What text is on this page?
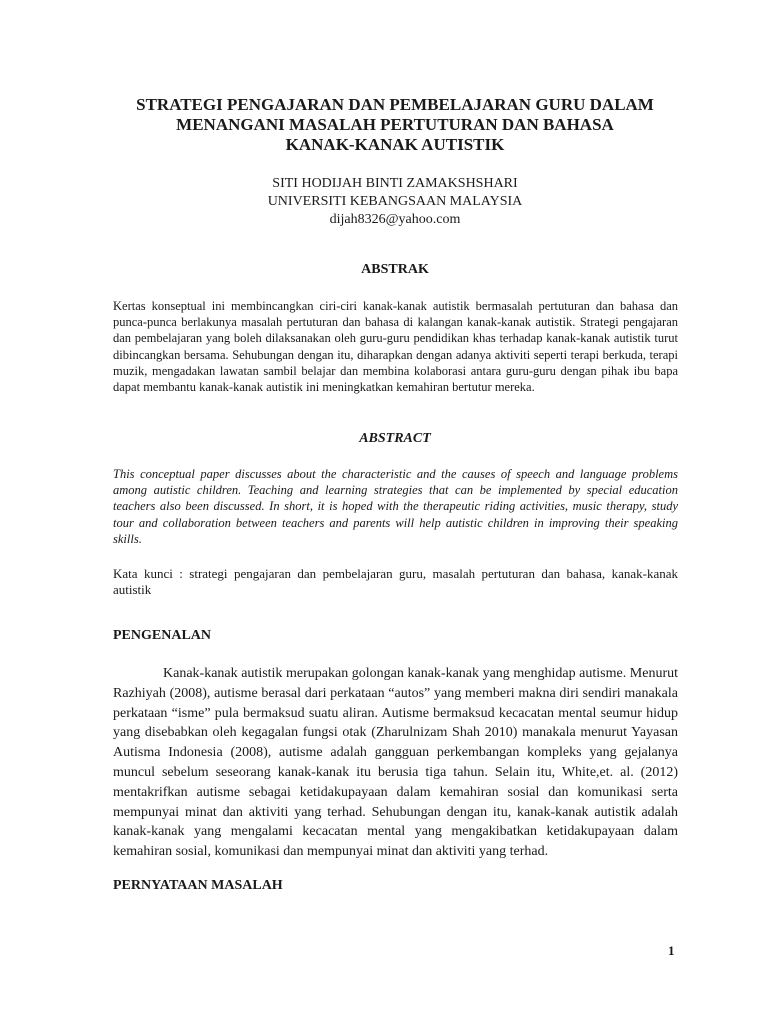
STRATEGI PENGAJARAN DAN PEMBELAJARAN GURU DALAM
MENANGANI MASALAH PERTUTURAN DAN BAHASA
KANAK-KANAK AUTISTIK
SITI HODIJAH BINTI ZAMAKSHSHARI
UNIVERSITI KEBANGSAAN MALAYSIA
dijah8326@yahoo.com
ABSTRAK

Kertas konseptual ini membincangkan ciri-ciri kanak-kanak autistik bermasalah pertuturan dan bahasa dan punca-punca berlakunya masalah pertuturan dan bahasa di kalangan kanak-kanak autistik. Strategi pengajaran dan pembelajaran yang boleh dilaksanakan oleh guru-guru pendidikan khas terhadap kanak-kanak autistik turut dibincangkan bersama. Sehubungan dengan itu, diharapkan dengan adanya aktiviti seperti terapi berkuda, terapi muzik, mengadakan lawatan sambil belajar dan membina kolaborasi antara guru-guru dengan pihak ibu bapa dapat membantu kanak-kanak autistik ini meningkatkan kemahiran bertutur mereka.

ABSTRACT

This conceptual paper discusses about the characteristic and the causes of speech and language problems among autistic children. Teaching and learning strategies that can be implemented by special education teachers also been discussed. In short, it is hoped with the therapeutic riding activities, music therapy, study tour and collaboration between teachers and parents will help autistic children in improving their speaking skills.

Kata kunci : strategi pengajaran dan pembelajaran guru, masalah pertuturan dan bahasa, kanak-kanak autistik

PENGENALAN

Kanak-kanak autistik merupakan golongan kanak-kanak yang menghidap autisme. Menurut Razhiyah (2008), autisme berasal dari perkataan “autos” yang memberi makna diri sendiri manakala perkataan “isme” pula bermaksud suatu aliran. Autisme bermaksud kecacatan mental seumur hidup yang disebabkan oleh kegagalan fungsi otak (Zharulnizam Shah 2010) manakala menurut Yayasan Autisma Indonesia (2008), autisme adalah gangguan perkembangan kompleks yang gejalanya muncul sebelum seseorang kanak-kanak itu berusia tiga tahun. Selain itu, White,et. al. (2012) mentakrifkan autisme sebagai ketidakupayaan dalam kemahiran sosial dan komunikasi serta mempunyai minat dan aktiviti yang terhad. Sehubungan dengan itu, kanak-kanak autistik adalah kanak-kanak yang mengalami kecacatan mental yang mengakibatkan ketidakupayaan dalam kemahiran sosial, komunikasi dan mempunyai minat dan aktiviti yang terhad.

PERNYATAAN MASALAH
1
